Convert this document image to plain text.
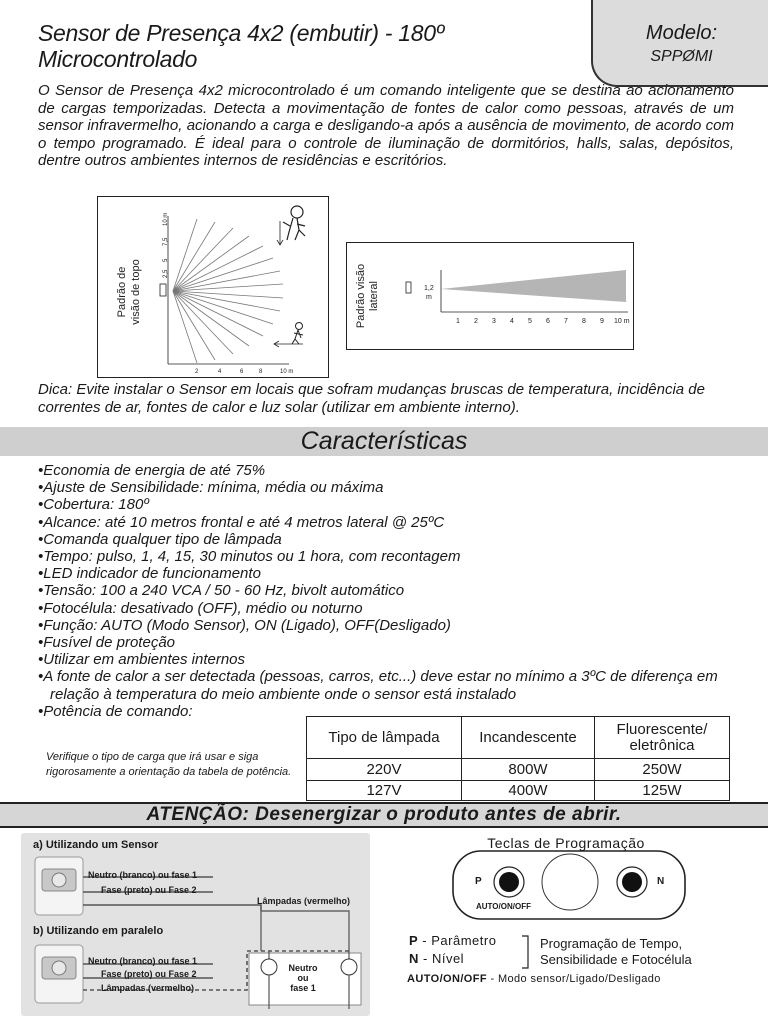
Sensor de Presença 4x2 (embutir) - 180º
Microcontrolado
Modelo:
SPPØMI
O Sensor de Presença 4x2 microcontrolado é um comando inteligente que se destina ao acionamento de cargas temporizadas. Detecta a movimentação de fontes de calor como pessoas, através de um sensor infravermelho, acionando a carga e desligando-a após a ausência de movimento, de acordo com o tempo programado. É ideal para o controle de iluminação de dormitórios, halls, salas, depósitos, dentre outros ambientes internos de residências e escritórios.
2	4	6	8	10 m
2,5
5
7,5
10 m
Padrão de visão de topo	1,2
m
1 2 3 4 5 6 7 8 9 10 m
Padrão visão lateral
Dica: Evite instalar o Sensor em locais que sofram mudanças bruscas de temperatura, incidência de correntes de ar, fontes de calor e luz solar (utilizar em ambiente interno).
Características
• Economia de energia de até 75%
• Ajuste de Sensibilidade: mínima, média ou máxima
• Cobertura: 180º
• Alcance: até 10 metros frontal e até 4 metros lateral @ 25ºC
• Comanda qualquer tipo de lâmpada
• Tempo: pulso, 1, 4, 15, 30 minutos ou 1 hora, com recontagem
• LED indicador de funcionamento
• Tensão: 100 a 240 VCA / 50 - 60 Hz, bivolt automático
• Fotocélula: desativado (OFF), médio ou noturno
• Função: AUTO (Modo Sensor), ON (Ligado), OFF(Desligado)
• Fusível de proteção
• Utilizar em ambientes internos
• A fonte de calor a ser detectada (pessoas, carros, etc...) deve estar no mínimo a 3ºC de diferença em relação à temperatura do meio ambiente onde o sensor está instalado
• Potência de comando:
Verifique o tipo de carga que irá usar e siga rigorosamente a orientação da tabela de potência.
Tipo de lâmpada	Incandescente	Fluorescente/ eletrônica
220V	800W	250W
127V	400W	125W
ATENÇÃO: Desenergizar o produto antes de abrir.
a) Utilizando um Sensor
b) Utilizando em paralelo
Neutro (branco) ou fase 1
Fase (preto) ou Fase 2
Lâmpadas (vermelho)
Neutro (branco) ou fase 1
Fase (preto) ou Fase 2
Lâmpadas (vermelho)
Neutro
ou
fase 1
Teclas de Programação
P	N
AUTO/ON/OFF
P - Parâmetro
N - Nível
Programação de Tempo,
Sensibilidade e Fotocélula
AUTO/ON/OFF - Modo sensor/Ligado/Desligado
